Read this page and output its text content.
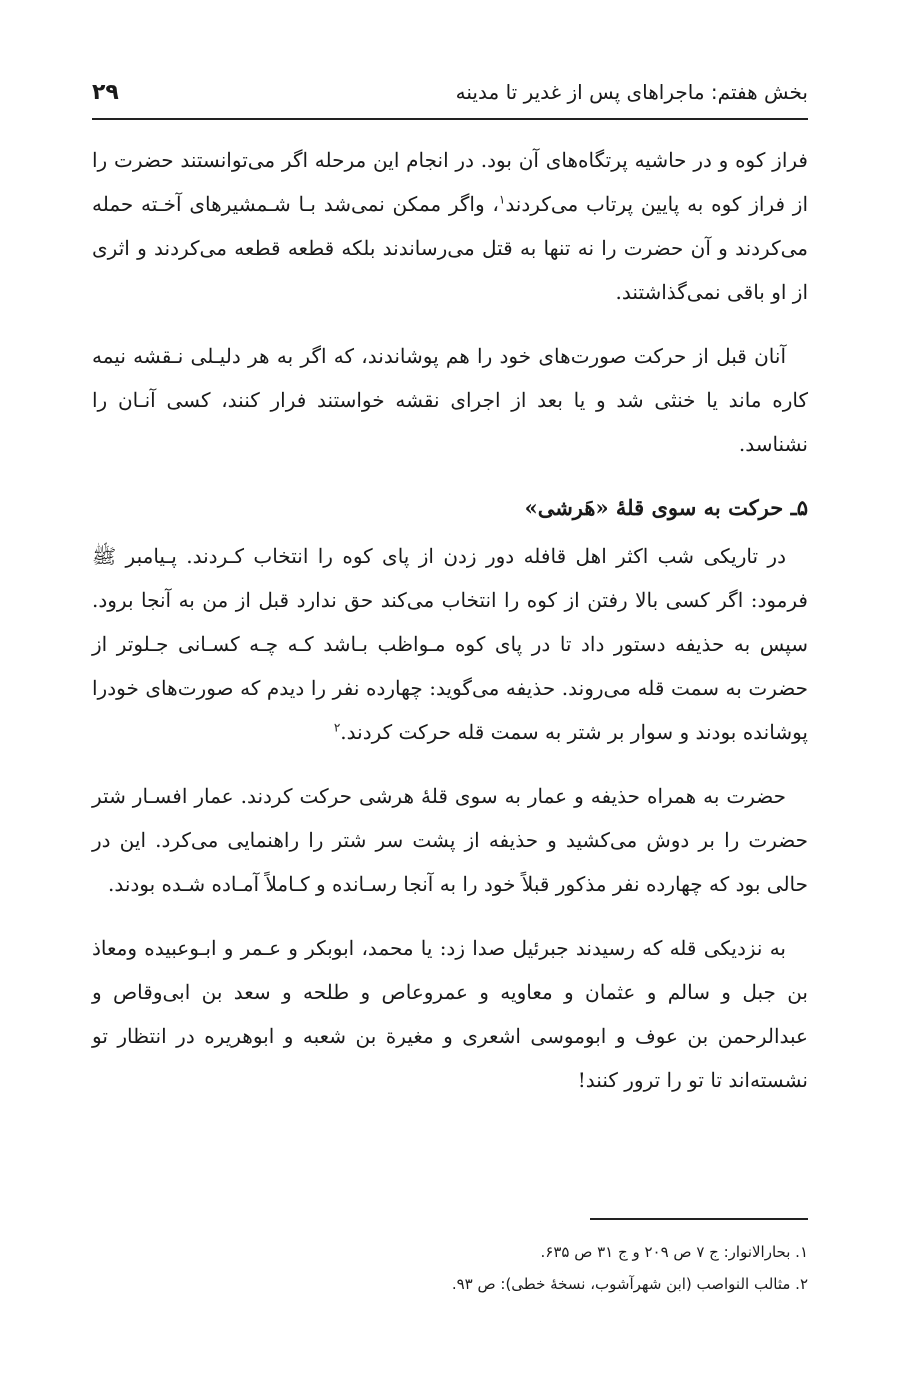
بخش هفتم: ماجراهای پس از غدیر تا مدینه
۲۹

فراز کوه و در حاشیه پرتگاه‌های آن بود. در انجام این مرحله اگر می‌توانستند حضرت را از فراز کوه به پایین پرتاب می‌کردند$^۱$، واگر ممکن نمی‌شد بـا شـمشیرهای آخـته حمله می‌کردند و آن حضرت را نه تنها به قتل می‌رساندند بلکه قطعه قطعه می‌کردند و اثری از او باقی نمی‌گذاشتند.

آنان قبل از حرکت صورت‌های خود را هم پوشاندند، که اگر به هر دلیـلی نـقشه نیمه کاره ماند یا خنثی شد و یا بعد از اجرای نقشه خواستند فرار کنند، کسی آنـان را نشناسد.

۵ـ حرکت به سوی قلهٔ «هَرشی»

در تاریکی شب اکثر اهل قافله دور زدن از پای کوه را انتخاب کـردند. پـیامبر ﷺ فرمود: اگر کسی بالا رفتن از کوه را انتخاب می‌کند حق ندارد قبل از من به آنجا برود. سپس به حذیفه دستور داد تا در پای کوه مـواظب بـاشد کـه چـه کسـانی جـلوتر از حضرت به سمت قله می‌روند. حذیفه می‌گوید: چهارده نفر را دیدم که صورت‌های خودرا پوشانده بودند و سوار بر شتر به سمت قله حرکت کردند.$^۲$

حضرت به همراه حذیفه و عمار به سوی قلهٔ هرشی حرکت کردند. عمار افسـار شتر حضرت را بر دوش می‌کشید و حذیفه از پشت سر شتر را راهنمایی می‌کرد. این در حالی بود که چهارده نفر مذکور قبلاً خود را به آنجا رسـانده و کـاملاً آمـاده شـده بودند.

به نزدیکی قله که رسیدند جبرئیل صدا زد: یا محمد، ابوبکر و عـمر و ابـوعبیده ومعاذ بن جبل و سالم و عثمان و معاویه و عمروعاص و طلحه و سعد بن ابی‌وقاص و عبدالرحمن بن عوف و ابوموسی اشعری و مغیرة بن شعبه و ابوهریره در انتظار تو نشسته‌اند تا تو را ترور کنند!

۱. بحارالانوار: ج ۷ ص ۲۰۹ و ج ۳۱ ص ۶۳۵.

۲. مثالب النواصب (ابن شهرآشوب، نسخهٔ خطی): ص ۹۳.
